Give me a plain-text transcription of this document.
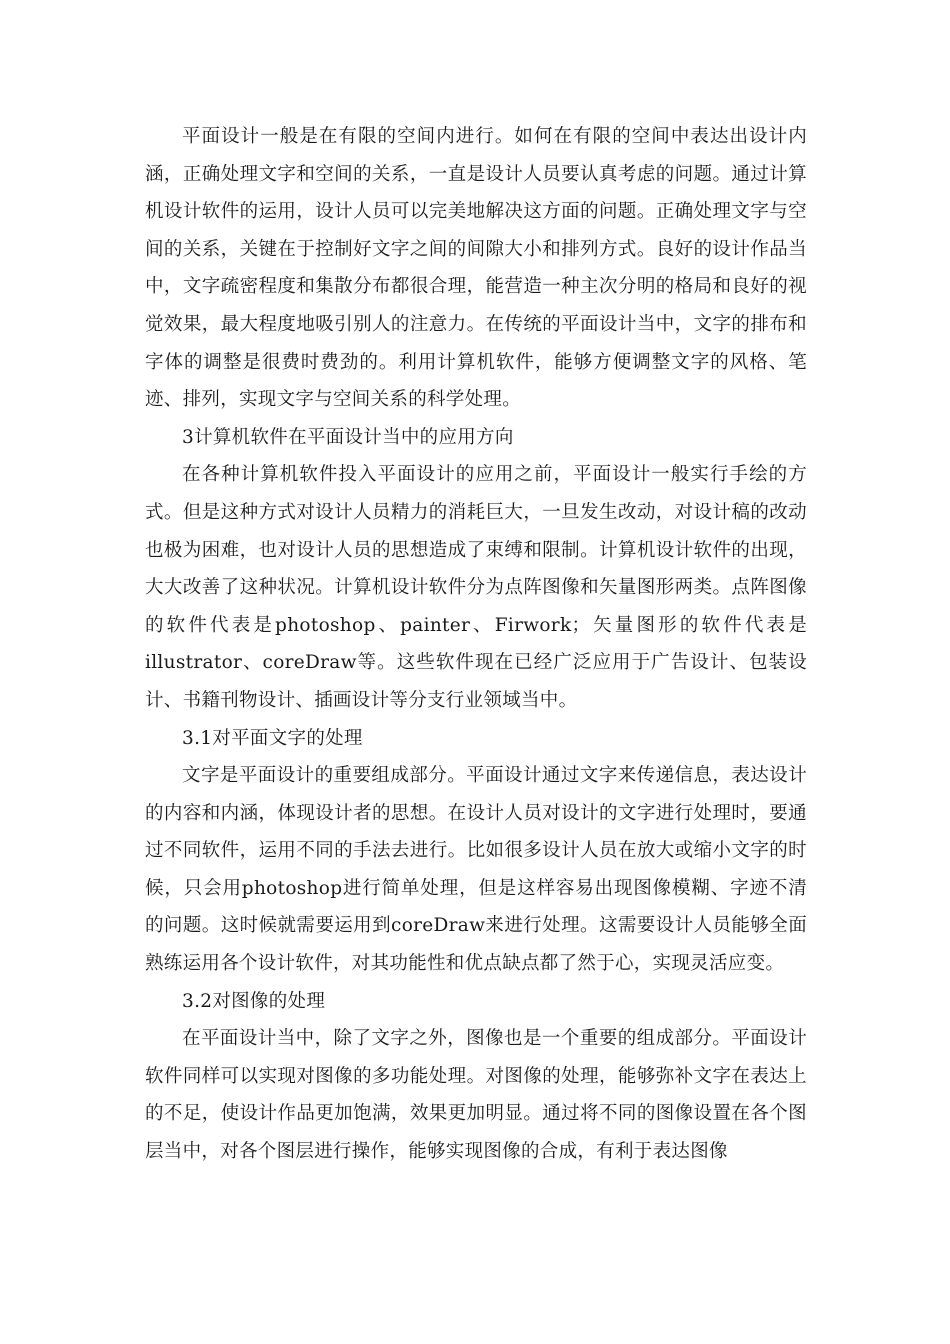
平面设计一般是在有限的空间内进行。如何在有限的空间中表达出设计内涵，正确处理文字和空间的关系，一直是设计人员要认真考虑的问题。通过计算机设计软件的运用，设计人员可以完美地解决这方面的问题。正确处理文字与空间的关系，关键在于控制好文字之间的间隙大小和排列方式。良好的设计作品当中，文字疏密程度和集散分布都很合理，能营造一种主次分明的格局和良好的视觉效果，最大程度地吸引别人的注意力。在传统的平面设计当中，文字的排布和字体的调整是很费时费劲的。利用计算机软件，能够方便调整文字的风格、笔迹、排列，实现文字与空间关系的科学处理。

3计算机软件在平面设计当中的应用方向

在各种计算机软件投入平面设计的应用之前，平面设计一般实行手绘的方式。但是这种方式对设计人员精力的消耗巨大，一旦发生改动，对设计稿的改动也极为困难，也对设计人员的思想造成了束缚和限制。计算机设计软件的出现，大大改善了这种状况。计算机设计软件分为点阵图像和矢量图形两类。点阵图像的软件代表是photoshop、painter、Firwork；矢量图形的软件代表是illustrator、coreDraw等。这些软件现在已经广泛应用于广告设计、包装设计、书籍刊物设计、插画设计等分支行业领域当中。

3.1对平面文字的处理

文字是平面设计的重要组成部分。平面设计通过文字来传递信息，表达设计的内容和内涵，体现设计者的思想。在设计人员对设计的文字进行处理时，要通过不同软件，运用不同的手法去进行。比如很多设计人员在放大或缩小文字的时候，只会用photoshop进行简单处理，但是这样容易出现图像模糊、字迹不清的问题。这时候就需要运用到coreDraw来进行处理。这需要设计人员能够全面熟练运用各个设计软件，对其功能性和优点缺点都了然于心，实现灵活应变。

3.2对图像的处理

在平面设计当中，除了文字之外，图像也是一个重要的组成部分。平面设计软件同样可以实现对图像的多功能处理。对图像的处理，能够弥补文字在表达上的不足，使设计作品更加饱满，效果更加明显。通过将不同的图像设置在各个图层当中，对各个图层进行操作，能够实现图像的合成，有利于表达图像
